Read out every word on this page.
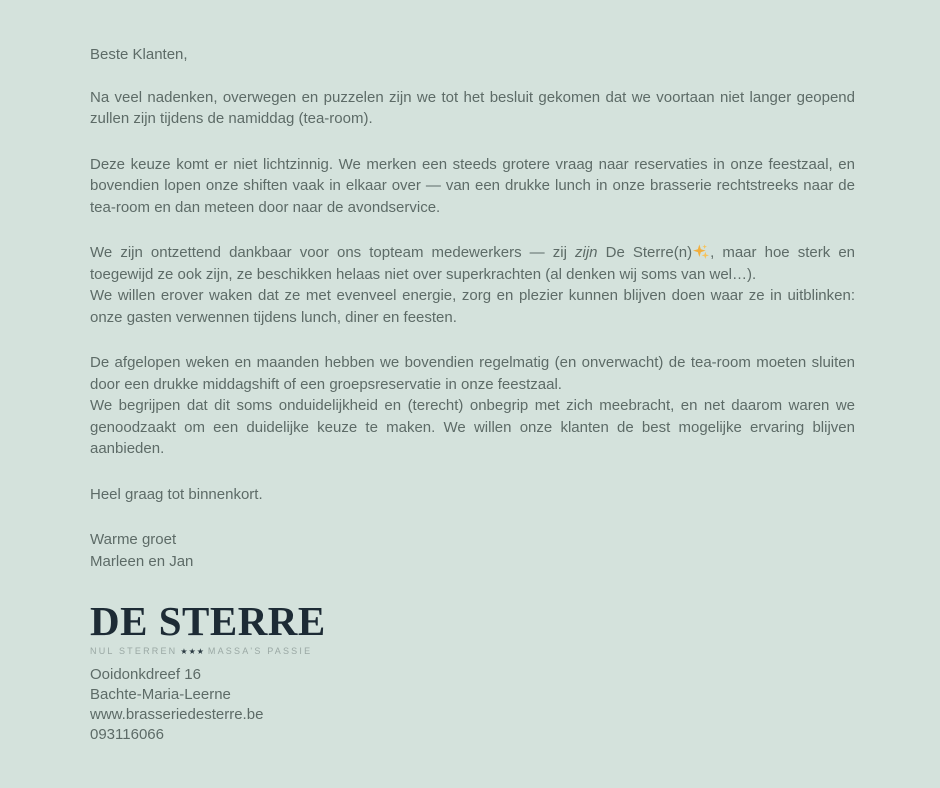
Beste Klanten,

Na veel nadenken, overwegen en puzzelen zijn we tot het besluit gekomen dat we voortaan niet langer geopend zullen zijn tijdens de namiddag (tea-room).

Deze keuze komt er niet lichtzinnig. We merken een steeds grotere vraag naar reservaties in onze feestzaal, en bovendien lopen onze shiften vaak in elkaar over — van een drukke lunch in onze brasserie rechtstreeks naar de tea-room en dan meteen door naar de avondservice.

We zijn ontzettend dankbaar voor ons topteam medewerkers — zij zijn De Sterre(n) , maar hoe sterk en toegewijd ze ook zijn, ze beschikken helaas niet over superkrachten (al denken wij soms van wel…).
We willen erover waken dat ze met evenveel energie, zorg en plezier kunnen blijven doen waar ze in uitblinken: onze gasten verwennen tijdens lunch, diner en feesten.

De afgelopen weken en maanden hebben we bovendien regelmatig (en onverwacht) de tea-room moeten sluiten door een drukke middagshift of een groepsreservatie in onze feestzaal.
We begrijpen dat dit soms onduidelijkheid en (terecht) onbegrip met zich meebracht, en net daarom waren we genoodzaakt om een duidelijke keuze te maken. We willen onze klanten de best mogelijke ervaring blijven aanbieden.

Heel graag tot binnenkort.

Warme groet
Marleen en Jan

DE STERRE
NUL STERREN ★★★ MASSA'S PASSIE
Ooidonkdreef 16
Bachte-Maria-Leerne
www.brasseriedesterre.be
093116066
